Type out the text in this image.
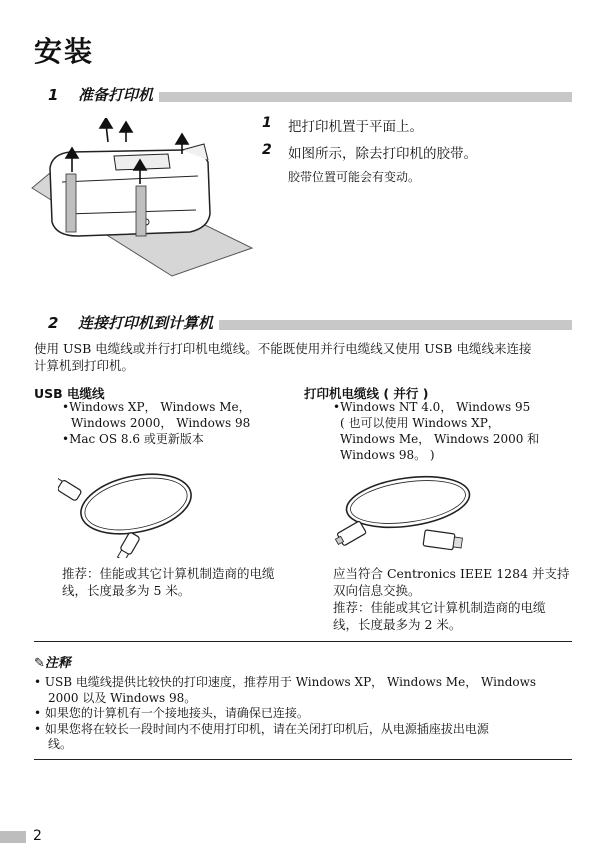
安装
1 准备打印机
1 把打印机置于平面上。
2 如图所示，除去打印机的胶带。
胶带位置可能会有变动。
2 连接打印机到计算机
使用 USB 电缆线或并行打印机电缆线。不能既使用并行电缆线又使用 USB 电缆线来连接
计算机到打印机。
USB 电缆线
•Windows XP， Windows Me，
Windows 2000， Windows 98
•Mac OS 8.6 或更新版本
推荐：佳能或其它计算机制造商的电缆
线，长度最多为 5 米。
打印机电缆线 ( 并行 )
•Windows NT 4.0， Windows 95
( 也可以使用 Windows XP，
Windows Me， Windows 2000 和
Windows 98。 )
应当符合 Centronics IEEE 1284 并支持
双向信息交换。
推荐：佳能或其它计算机制造商的电缆
线，长度最多为 2 米。
✎注释
• USB 电缆线提供比较快的打印速度，推荐用于 Windows XP， Windows Me， Windows
2000 以及 Windows 98。
• 如果您的计算机有一个接地接头，请确保已连接。
• 如果您将在较长一段时间内不使用打印机，请在关闭打印机后，从电源插座拔出电源
线。
2
